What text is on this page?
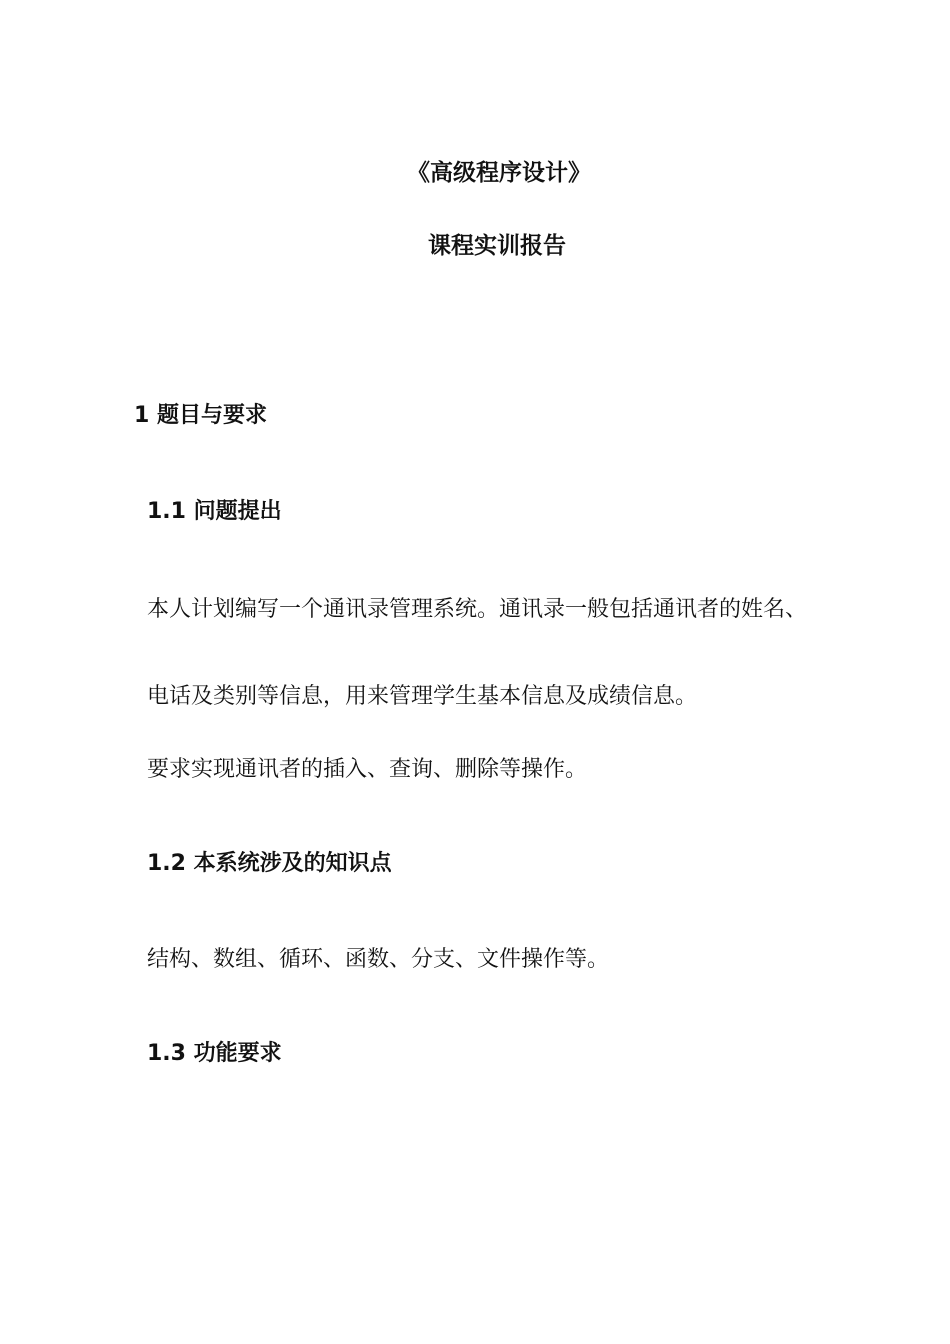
《高级程序设计》
课程实训报告
1 题目与要求
1.1 问题提出

本人计划编写一个通讯录管理系统。通讯录一般包括通讯者的姓名、

电话及类别等信息，用来管理学生基本信息及成绩信息。

要求实现通讯者的插入、查询、删除等操作。

1.2 本系统涉及的知识点

结构、数组、循环、函数、分支、文件操作等。

1.3 功能要求
